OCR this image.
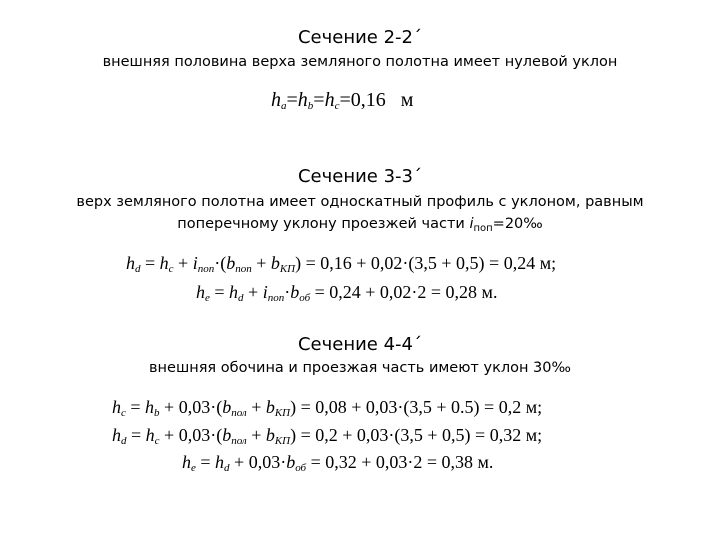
Сечение 2-2´
внешняя половина верха земляного полотна имеет нулевой уклон
$h_a=h_b=h_c=0,16$   м
Сечение 3-3´
верх земляного полотна имеет односкатный профиль с уклоном, равным
поперечному уклону проезжей части $i_{поп}=20‰$
$h_d = h_c + i_{поп}\cdot(b_{поп} + b_{КП}) = 0,16 + 0,02\cdot(3,5 + 0,5) = 0,24$ м;
$h_e = h_d + i_{поп}\cdot b_{об} = 0,24 + 0,02\cdot 2 = 0,28$ м.
Сечение 4-4´
внешняя обочина и проезжая часть имеют уклон 30‰
$h_c = h_b + 0,03\cdot(b_{пол} + b_{КП}) = 0,08 + 0,03\cdot(3,5 + 0.5) = 0,2$ м;
$h_d = h_c + 0,03\cdot(b_{пол} + b_{КП}) = 0,2 + 0,03\cdot(3,5 + 0,5) = 0,32$ м;
$h_e = h_d + 0,03\cdot b_{об} = 0,32 + 0,03\cdot 2 = 0,38$ м.
